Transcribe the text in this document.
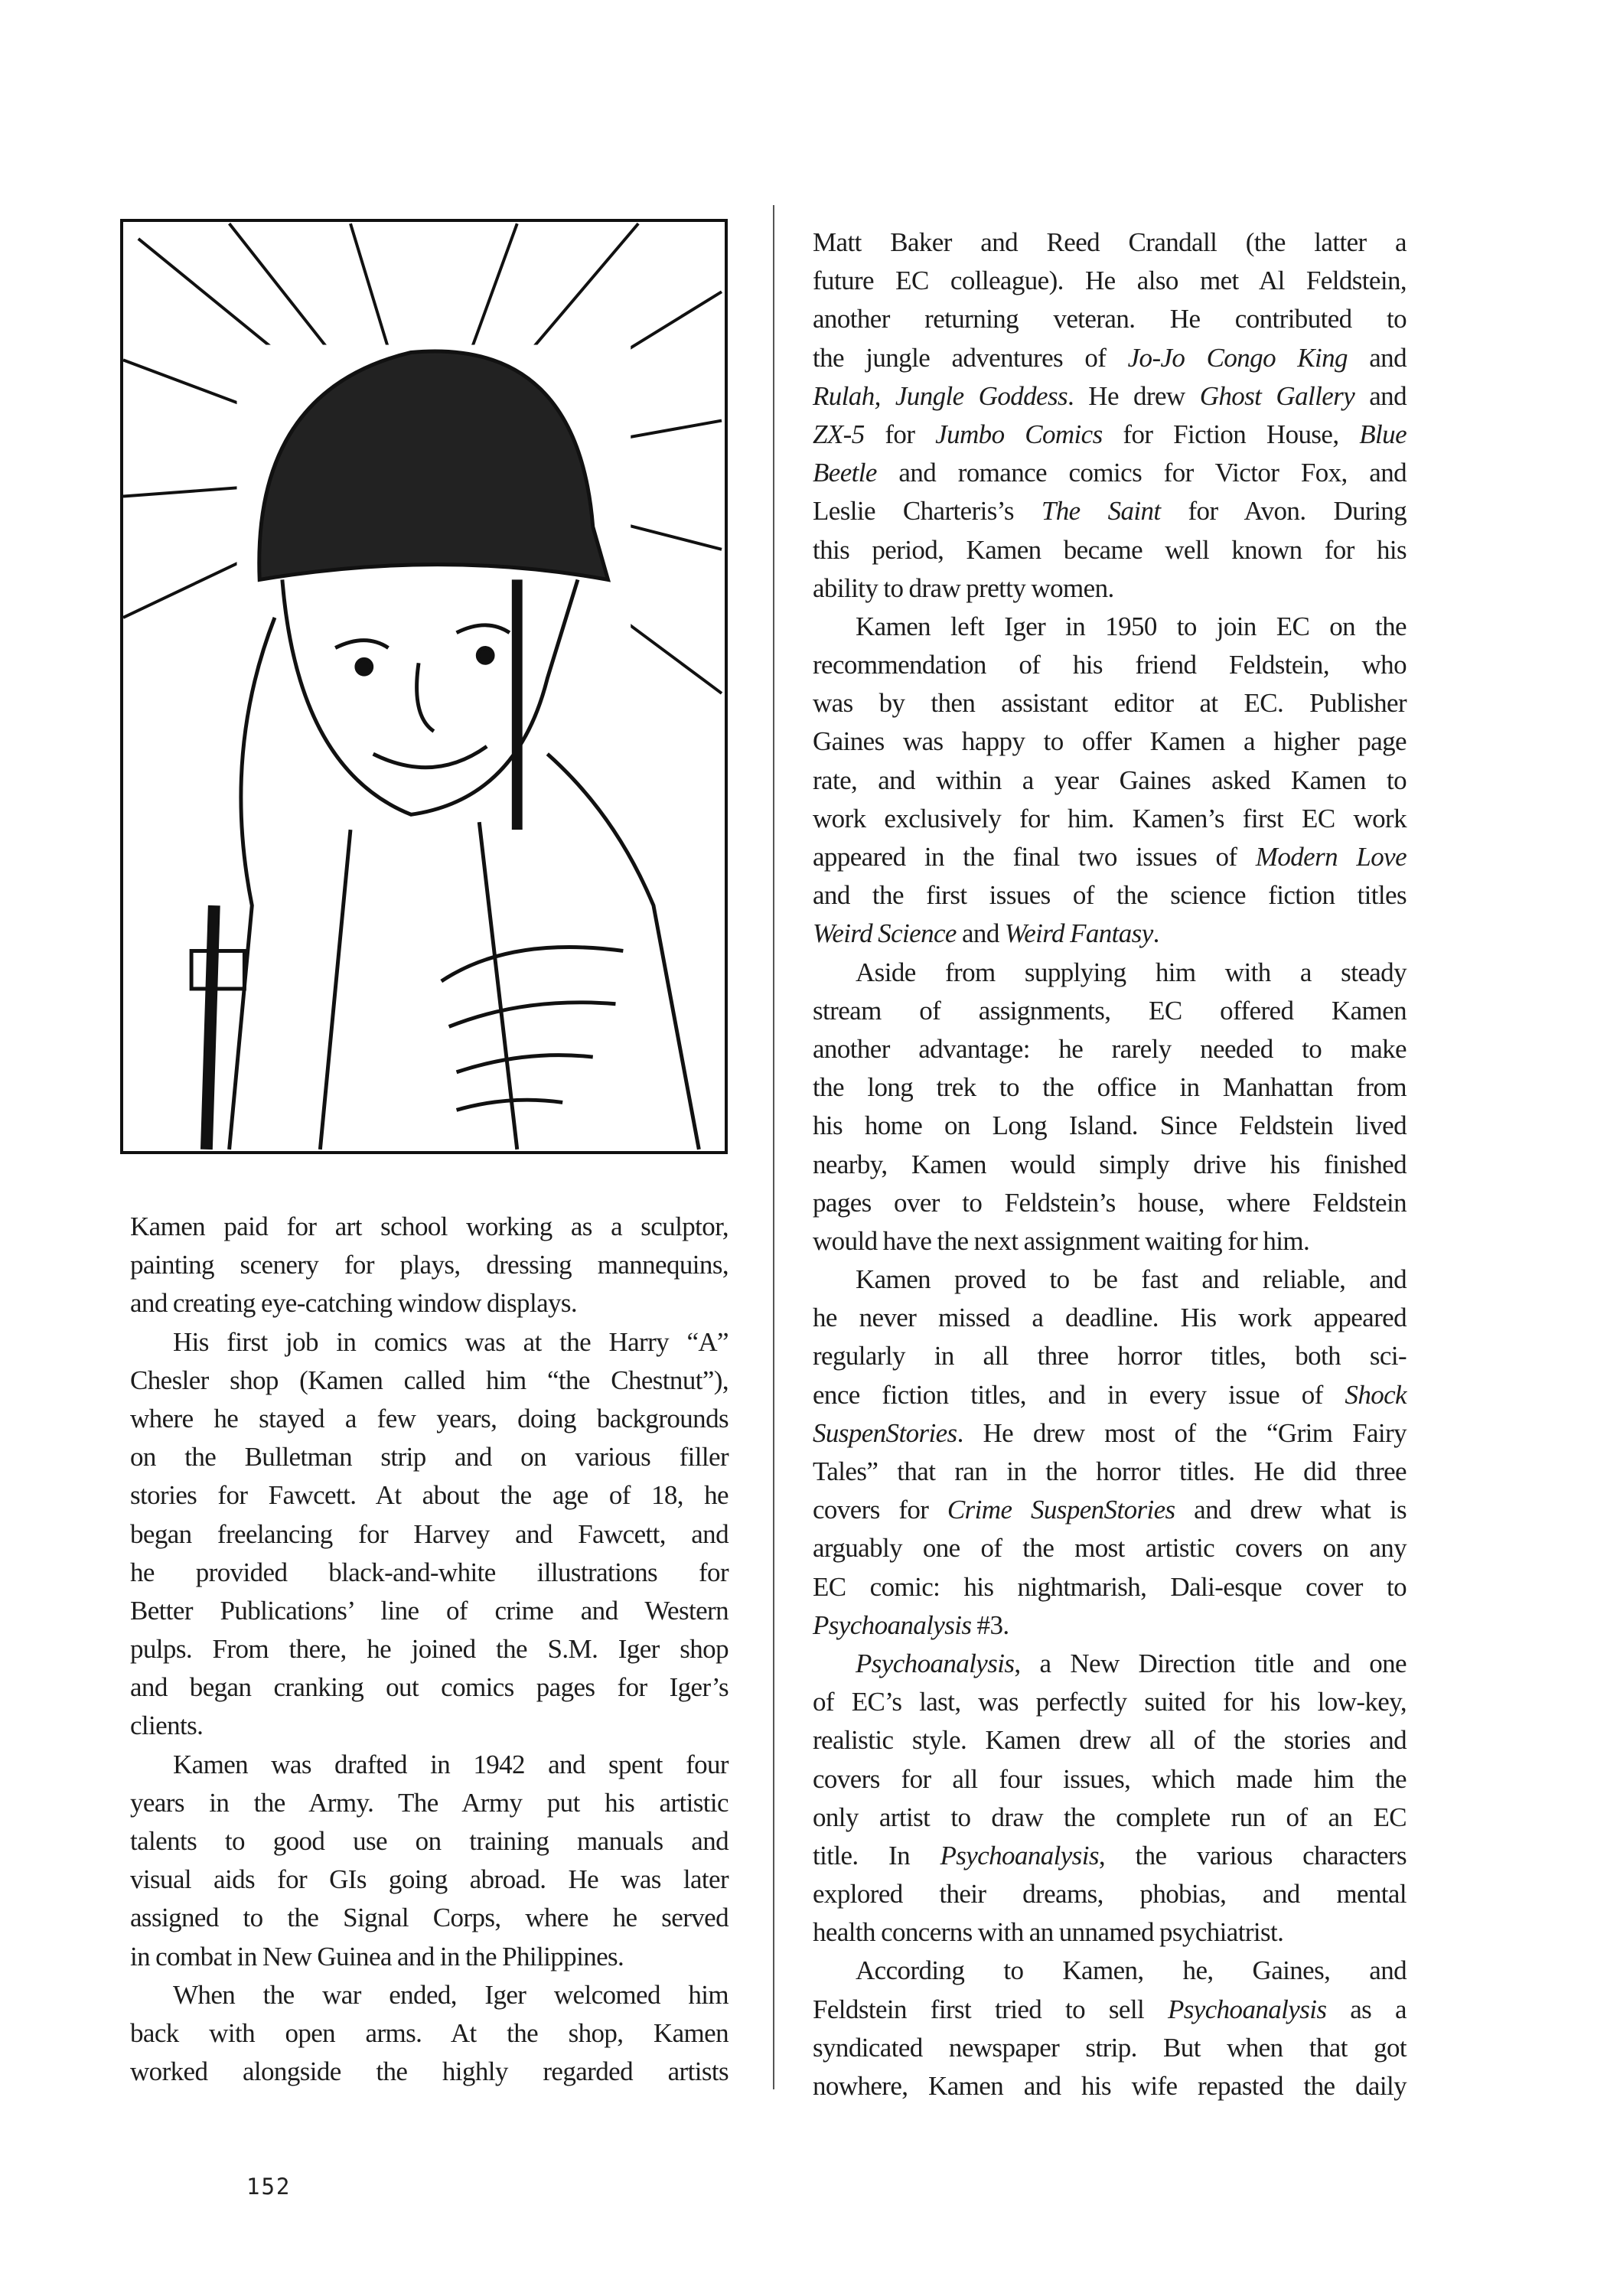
Kamen paid for art school working as a sculptor,
painting scenery for plays, dressing mannequins,
and creating eye-catching window displays.
His first job in comics was at the Harry “A”
Chesler shop (Kamen called him “the Chestnut”),
where he stayed a few years, doing backgrounds
on the Bulletman strip and on various filler
stories for Fawcett. At about the age of 18, he
began freelancing for Harvey and Fawcett, and
he provided black-and-white illustrations for
Better Publications’ line of crime and Western
pulps. From there, he joined the S.M. Iger shop
and began cranking out comics pages for Iger’s
clients.
Kamen was drafted in 1942 and spent four
years in the Army. The Army put his artistic
talents to good use on training manuals and
visual aids for GIs going abroad. He was later
assigned to the Signal Corps, where he served
in combat in New Guinea and in the Philippines.
When the war ended, Iger welcomed him
back with open arms. At the shop, Kamen
worked alongside the highly regarded artists
Matt Baker and Reed Crandall (the latter a
future EC colleague). He also met Al Feldstein,
another returning veteran. He contributed to
the jungle adventures of Jo-Jo Congo King and
Rulah, Jungle Goddess. He drew Ghost Gallery and
ZX-5 for Jumbo Comics for Fiction House, Blue
Beetle and romance comics for Victor Fox, and
Leslie Charteris’s The Saint for Avon. During
this period, Kamen became well known for his
ability to draw pretty women.
Kamen left Iger in 1950 to join EC on the
recommendation of his friend Feldstein, who
was by then assistant editor at EC. Publisher
Gaines was happy to offer Kamen a higher page
rate, and within a year Gaines asked Kamen to
work exclusively for him. Kamen’s first EC work
appeared in the final two issues of Modern Love
and the first issues of the science fiction titles
Weird Science and Weird Fantasy.
Aside from supplying him with a steady
stream of assignments, EC offered Kamen
another advantage: he rarely needed to make
the long trek to the office in Manhattan from
his home on Long Island. Since Feldstein lived
nearby, Kamen would simply drive his finished
pages over to Feldstein’s house, where Feldstein
would have the next assignment waiting for him.
Kamen proved to be fast and reliable, and
he never missed a deadline. His work appeared
regularly in all three horror titles, both sci-
ence fiction titles, and in every issue of Shock
SuspenStories. He drew most of the “Grim Fairy
Tales” that ran in the horror titles. He did three
covers for Crime SuspenStories and drew what is
arguably one of the most artistic covers on any
EC comic: his nightmarish, Dali-esque cover to
Psychoanalysis #3.
Psychoanalysis, a New Direction title and one
of EC’s last, was perfectly suited for his low-key,
realistic style. Kamen drew all of the stories and
covers for all four issues, which made him the
only artist to draw the complete run of an EC
title. In Psychoanalysis, the various characters
explored their dreams, phobias, and mental
health concerns with an unnamed psychiatrist.
According to Kamen, he, Gaines, and
Feldstein first tried to sell Psychoanalysis as a
syndicated newspaper strip. But when that got
nowhere, Kamen and his wife repasted the daily
152
